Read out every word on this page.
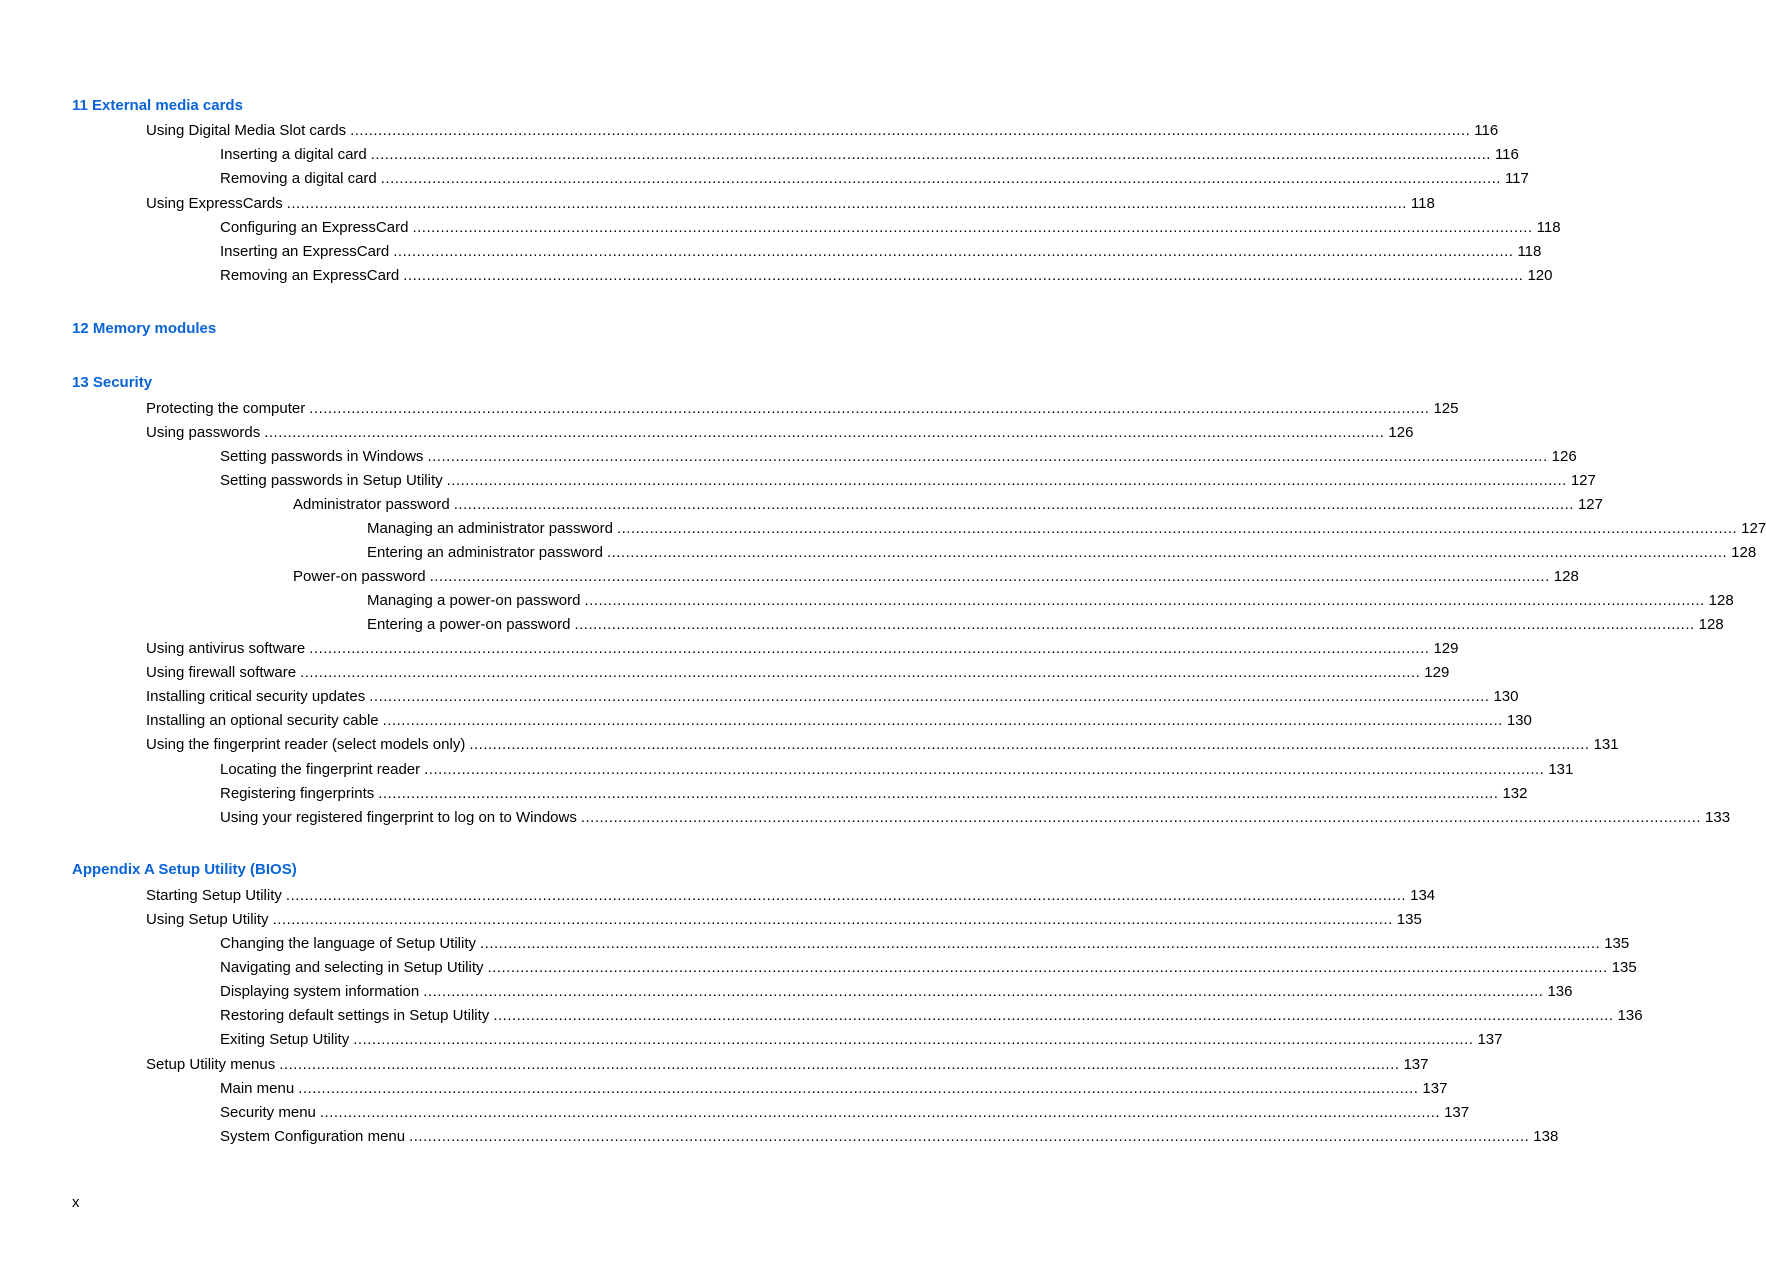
11 External media cards
Using Digital Media Slot cards ................................................................................................................................................................................................................................................ 116
Inserting a digital card ................................................................................................................................................................................................................................................ 116
Removing a digital card ................................................................................................................................................................................................................................................ 117
Using ExpressCards ................................................................................................................................................................................................................................................ 118
Configuring an ExpressCard ................................................................................................................................................................................................................................................ 118
Inserting an ExpressCard ................................................................................................................................................................................................................................................ 118
Removing an ExpressCard ................................................................................................................................................................................................................................................ 120
12 Memory modules
13 Security
Protecting the computer ................................................................................................................................................................................................................................................ 125
Using passwords ................................................................................................................................................................................................................................................ 126
Setting passwords in Windows ................................................................................................................................................................................................................................................ 126
Setting passwords in Setup Utility ................................................................................................................................................................................................................................................ 127
Administrator password ................................................................................................................................................................................................................................................ 127
Managing an administrator password ................................................................................................................................................................................................................................................ 127
Entering an administrator password ................................................................................................................................................................................................................................................ 128
Power-on password ................................................................................................................................................................................................................................................ 128
Managing a power-on password ................................................................................................................................................................................................................................................ 128
Entering a power-on password ................................................................................................................................................................................................................................................ 128
Using antivirus software ................................................................................................................................................................................................................................................ 129
Using firewall software ................................................................................................................................................................................................................................................ 129
Installing critical security updates ................................................................................................................................................................................................................................................ 130
Installing an optional security cable ................................................................................................................................................................................................................................................ 130
Using the fingerprint reader (select models only) ................................................................................................................................................................................................................................................ 131
Locating the fingerprint reader ................................................................................................................................................................................................................................................ 131
Registering fingerprints ................................................................................................................................................................................................................................................ 132
Using your registered fingerprint to log on to Windows ................................................................................................................................................................................................................................................ 133
Appendix A Setup Utility (BIOS)
Starting Setup Utility ................................................................................................................................................................................................................................................ 134
Using Setup Utility ................................................................................................................................................................................................................................................ 135
Changing the language of Setup Utility ................................................................................................................................................................................................................................................ 135
Navigating and selecting in Setup Utility ................................................................................................................................................................................................................................................ 135
Displaying system information ................................................................................................................................................................................................................................................ 136
Restoring default settings in Setup Utility ................................................................................................................................................................................................................................................ 136
Exiting Setup Utility ................................................................................................................................................................................................................................................ 137
Setup Utility menus ................................................................................................................................................................................................................................................ 137
Main menu ................................................................................................................................................................................................................................................ 137
Security menu ................................................................................................................................................................................................................................................ 137
System Configuration menu ................................................................................................................................................................................................................................................ 138
x
